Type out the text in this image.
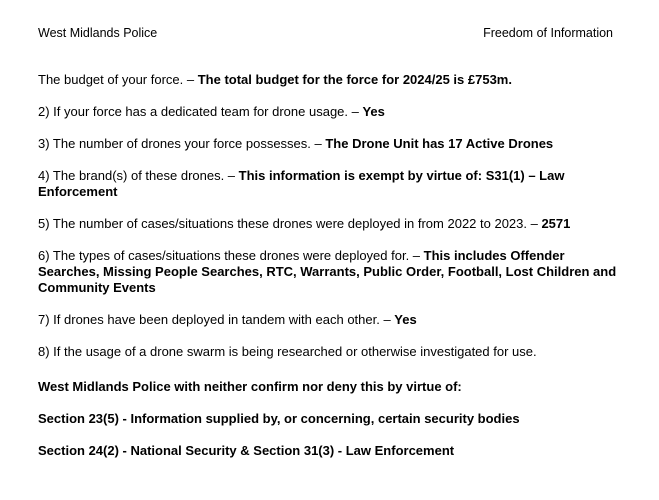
West Midlands Police	Freedom of Information

The budget of your force. – The total budget for the force for 2024/25 is £753m.

2) If your force has a dedicated team for drone usage. – Yes

3) The number of drones your force possesses. – The Drone Unit has 17 Active Drones

4) The brand(s) of these drones. – This information is exempt by virtue of: S31(1) – Law Enforcement

5) The number of cases/situations these drones were deployed in from 2022 to 2023. – 2571

6) The types of cases/situations these drones were deployed for. – This includes Offender Searches, Missing People Searches, RTC, Warrants, Public Order, Football, Lost Children and Community Events

7) If drones have been deployed in tandem with each other. – Yes

8) If the usage of a drone swarm is being researched or otherwise investigated for use.

West Midlands Police with neither confirm nor deny this by virtue of:

Section 23(5) - Information supplied by, or concerning, certain security bodies

Section 24(2) - National Security & Section 31(3) - Law Enforcement
